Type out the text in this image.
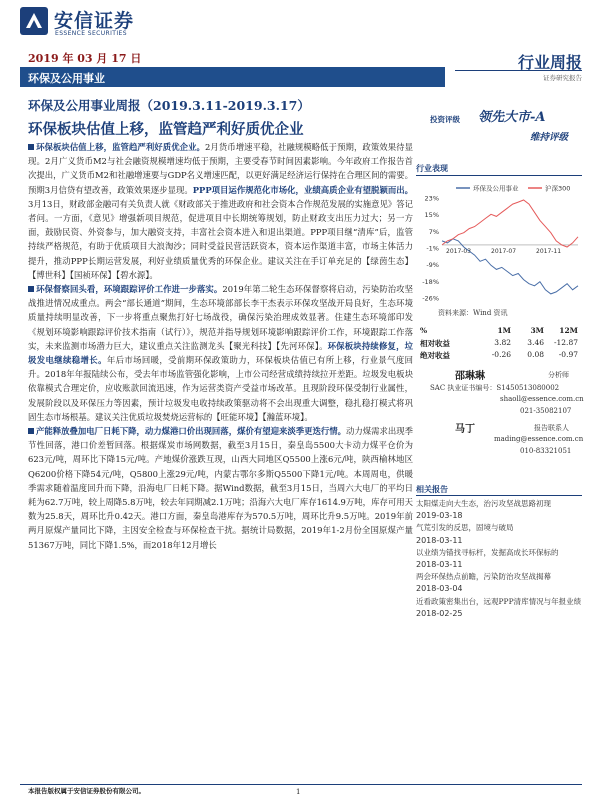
安信证券
ESSENCE SECURITIES
2019 年 03 月 17 日
环保及公用事业
行业周报
证券研究报告
环保及公用事业周报（2019.3.11-2019.3.17）
环保板块估值上移，监管趋严利好质优企业
投资评级 领先大市-A
维持评级

环保板块估值上移，监管趋严利好质优企业。2月货币增速平稳，社融规模略低于预期，政策效果待显现。2月广义货币M2与社会融资规模增速均低于预期，主要受春节时间因素影响。今年政府工作报告首次提出，广义货币M2和社融增速要与GDP名义增速匹配，以更好满足经济运行保持在合理区间的需要。预期3月信贷有望改善，政策效果逐步显现。PPP项目运作规范化市场化，业绩高质企业有望脱颖而出。3月13日，财政部金融司有关负责人就《财政部关于推进政府和社会资本合作规范发展的实施意见》答记者问。一方面，《意见》增强新项目规范，促进项目中长期统筹规划，防止财政支出压力过大；另一方面，鼓励民资、外资参与，加大融资支持，丰富社会资本进入和退出渠道。PPP项目继“清库”后，监管持续严格规范，有助于优质项目大浪淘沙；同时受益民营活跃资本，资本运作渠道丰富，市场主体活力提升，推动PPP长期运营发展，利好业绩质量优秀的环保企业。建议关注在手订单充足的【绿茵生态】【博世科】【国祯环保】【碧水源】。

环保督察回头看，环境跟踪评价工作进一步落实。2019年第二轮生态环保督察将启动，污染防治攻坚战推进情况成重点。两会“部长通道”期间，生态环境部部长李干杰表示环保攻坚战开局良好，生态环境质量持续明显改善，下一步将重点聚焦打好七场战役，确保污染治理成效显著。住建生态环境部印发《规划环境影响跟踪评价技术指南（试行）》，规范并指导规划环境影响跟踪评价工作，环境跟踪工作落实，未来监测市场潜力巨大，建议重点关注监测龙头【聚光科技】【先河环保】。环保板块持续修复，垃圾发电继续稳增长。年后市场回暖，受前期环保政策助力，环保板块估值已有所上移，行业景气度回升。2018年年报陆续公布，受去年市场监管强化影响，上市公司经营成绩持续拉开差距。垃圾发电板块依靠模式合理定价，应收账款回流迅速，作为运营类资产受益市场改革。且现阶段环保受制行业属性，发展阶段以及环保压力等因素，预计垃圾发电收持续政策驱动将不会出现重大调整，稳扎稳打模式将巩固生态市场根基。建议关注优质垃圾焚烧运营标的【旺能环境】【瀚蓝环境】。

产能释放叠加电厂日耗下降，动力煤港口价出现回落，煤价有望迎来淡季更迭行情。动力煤需求出现季节性回落，港口价差暂回落。根据煤炭市场网数据，截至3月15日，秦皇岛5500大卡动力煤平仓价为623元/吨，周环比下降15元/吨。产地煤价涨跌互现，山西大同地区Q5500上涨6元/吨，陕西榆林地区Q6200价格下降54元/吨，Q5800上涨29元/吨，内蒙古鄂尔多斯Q5500下降1元/吨。本周周电，供暖季需求随着温度回升而下降，沿海电厂日耗下降。据Wind数据，截至3月15日，当周六大电厂的平均日耗为62.7万吨，较上周降5.8万吨，较去年同期减2.1万吨；沿海六大电厂库存1614.9万吨，库存可用天数为25.8天，周环比升0.42天。港口方面，秦皇岛港库存为570.5万吨，周环比升9.5万吨。2019年前两月原煤产量同比下降，主因安全检查与环保检查干扰。据统计局数据，2019年1-2月份全国原煤产量51367万吨，同比下降1.5%，而2018年12月增长

行业表现
环保及公用事业	沪深300
23%
15%
7%
-1%
-9%
-18%
-26%
2017-03	2017-07	2017-11
资料来源：Wind 资讯
%	1M	3M	12M
相对收益	3.82	3.46	-12.87
绝对收益	-0.26	0.08	-0.97
邵琳琳	分析师
SAC 执业证书编号：S1450513080002
shaoll@essence.com.cn
021-35082107
马丁	报告联系人
mading@essence.com.cn
010-83321051
相关报告
太阳煤走向大生态，治污攻坚战思路初现
2019-03-18
气荒引发的反思，固境与破局
2018-03-11
以业绩为锚找寻标杆，发掘高成长环保标的
2018-03-11
两会环保热点前瞻，污染防治攻坚战揭幕
2018-03-04
近看政策密集出台，远观PPP清库情况与年报业绩
2018-02-25
本报告版权属于安信证券股份有限公司。	1
